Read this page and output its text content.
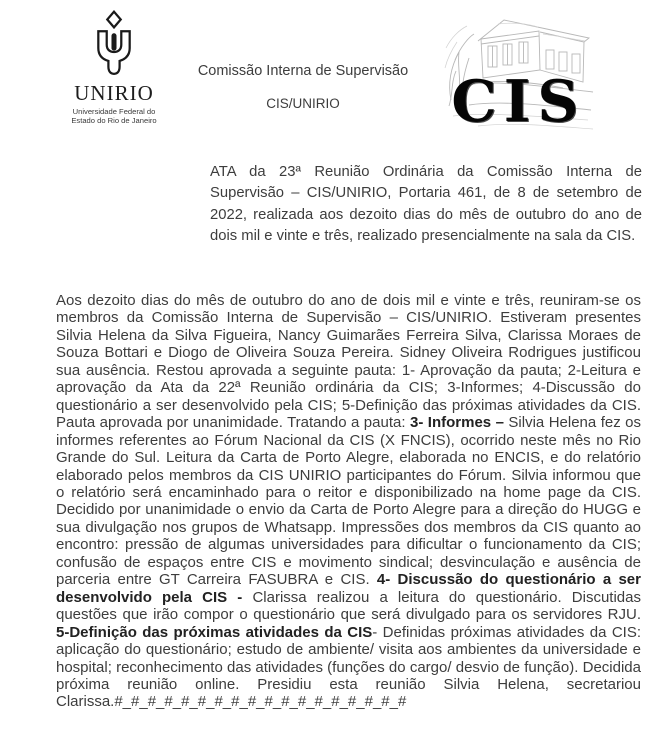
UNIRIO
Universidade Federal do
Estado do Rio de Janeiro
Comissão Interna de Supervisão
CIS/UNIRIO	CIS
ATA da 23ª Reunião Ordinária da Comissão Interna de Supervisão – CIS/UNIRIO, Portaria 461, de 8 de setembro de 2022, realizada aos dezoito dias do mês de outubro do ano de dois mil e vinte e três, realizado presencialmente na sala da CIS.
Aos dezoito dias do mês de outubro do ano de dois mil e vinte e três, reuniram-se os membros da Comissão Interna de Supervisão – CIS/UNIRIO. Estiveram presentes Silvia Helena da Silva Figueira, Nancy Guimarães Ferreira Silva, Clarissa Moraes de Souza Bottari e Diogo de Oliveira Souza Pereira. Sidney Oliveira Rodrigues justificou sua ausência. Restou aprovada a seguinte pauta: 1- Aprovação da pauta; 2-Leitura e aprovação da Ata da 22ª Reunião ordinária da CIS; 3-Informes; 4-Discussão do questionário a ser desenvolvido pela CIS; 5-Definição das próximas atividades da CIS. Pauta aprovada por unanimidade. Tratando a pauta: 3- Informes – Silvia Helena fez os informes referentes ao Fórum Nacional da CIS (X FNCIS), ocorrido neste mês no Rio Grande do Sul. Leitura da Carta de Porto Alegre, elaborada no ENCIS, e do relatório elaborado pelos membros da CIS UNIRIO participantes do Fórum. Silvia informou que o relatório será encaminhado para o reitor e disponibilizado na home page da CIS. Decidido por unanimidade o envio da Carta de Porto Alegre para a direção do HUGG e sua divulgação nos grupos de Whatsapp. Impressões dos membros da CIS quanto ao encontro: pressão de algumas universidades para dificultar o funcionamento da CIS; confusão de espaços entre CIS e movimento sindical; desvinculação e ausência de parceria entre GT Carreira FASUBRA e CIS. 4- Discussão do questionário a ser desenvolvido pela CIS - Clarissa realizou a leitura do questionário. Discutidas questões que irão compor o questionário que será divulgado para os servidores RJU. 5-Definição das próximas atividades da CIS- Definidas próximas atividades da CIS: aplicação do questionário; estudo de ambiente/ visita aos ambientes da universidade e hospital; reconhecimento das atividades (funções do cargo/ desvio de função). Decidida próxima reunião online. Presidiu esta reunião Silvia Helena, secretariou Clarissa.#_#_#_#_#_#_#_#_#_#_#_#_#_#_#_#_#_#
